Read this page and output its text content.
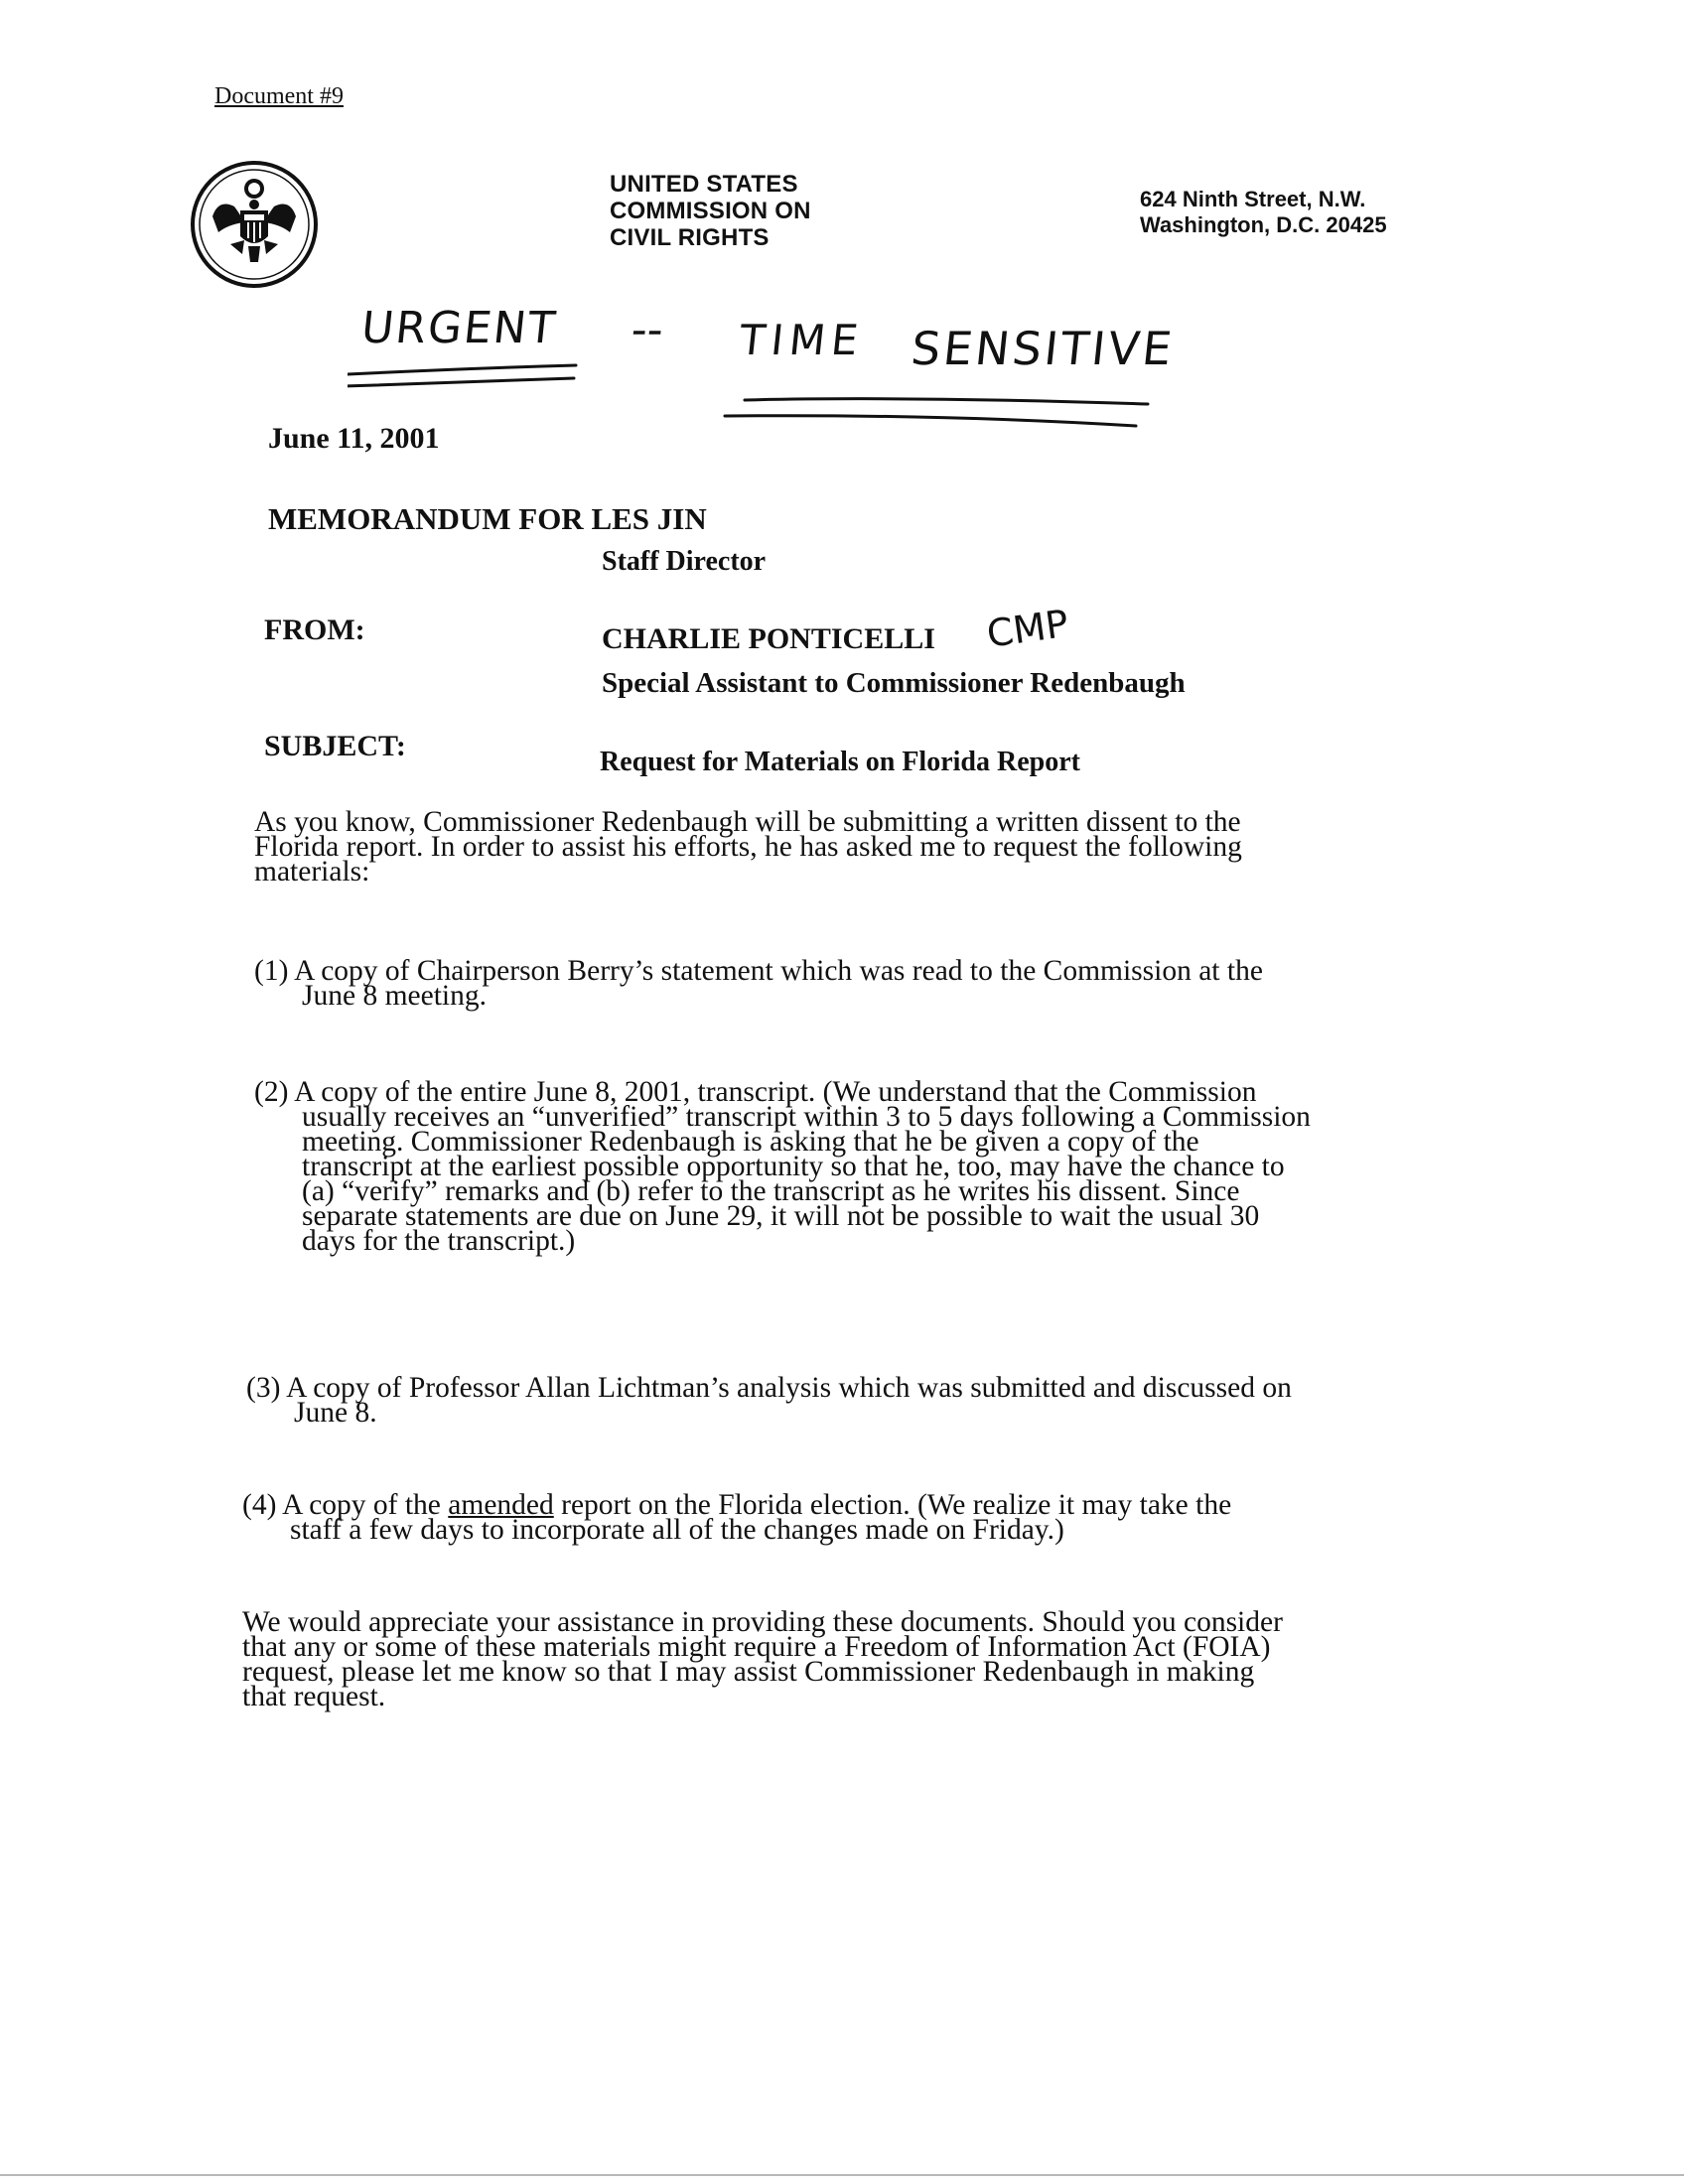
Document #9
UNITED STATES
COMMISSION ON
CIVIL RIGHTS
624 Ninth Street, N.W.
Washington, D.C. 20425
URGENT -- TIME SENSITIVE
June 11, 2001
MEMORANDUM FOR LES JIN
Staff Director
FROM:	CHARLIE PONTICELLI CMP
Special Assistant to Commissioner Redenbaugh
SUBJECT:	Request for Materials on Florida Report
As you know, Commissioner Redenbaugh will be submitting a written dissent to the
Florida report. In order to assist his efforts, he has asked me to request the following
materials:
(1) A copy of Chairperson Berry’s statement which was read to the Commission at the
June 8 meeting.
(2) A copy of the entire June 8, 2001, transcript. (We understand that the Commission
usually receives an “unverified” transcript within 3 to 5 days following a Commission
meeting. Commissioner Redenbaugh is asking that he be given a copy of the
transcript at the earliest possible opportunity so that he, too, may have the chance to
(a) “verify” remarks and (b) refer to the transcript as he writes his dissent. Since
separate statements are due on June 29, it will not be possible to wait the usual 30
days for the transcript.)
(3) A copy of Professor Allan Lichtman’s analysis which was submitted and discussed on
June 8.
(4) A copy of the amended report on the Florida election. (We realize it may take the
staff a few days to incorporate all of the changes made on Friday.)
We would appreciate your assistance in providing these documents. Should you consider
that any or some of these materials might require a Freedom of Information Act (FOIA)
request, please let me know so that I may assist Commissioner Redenbaugh in making
that request.
